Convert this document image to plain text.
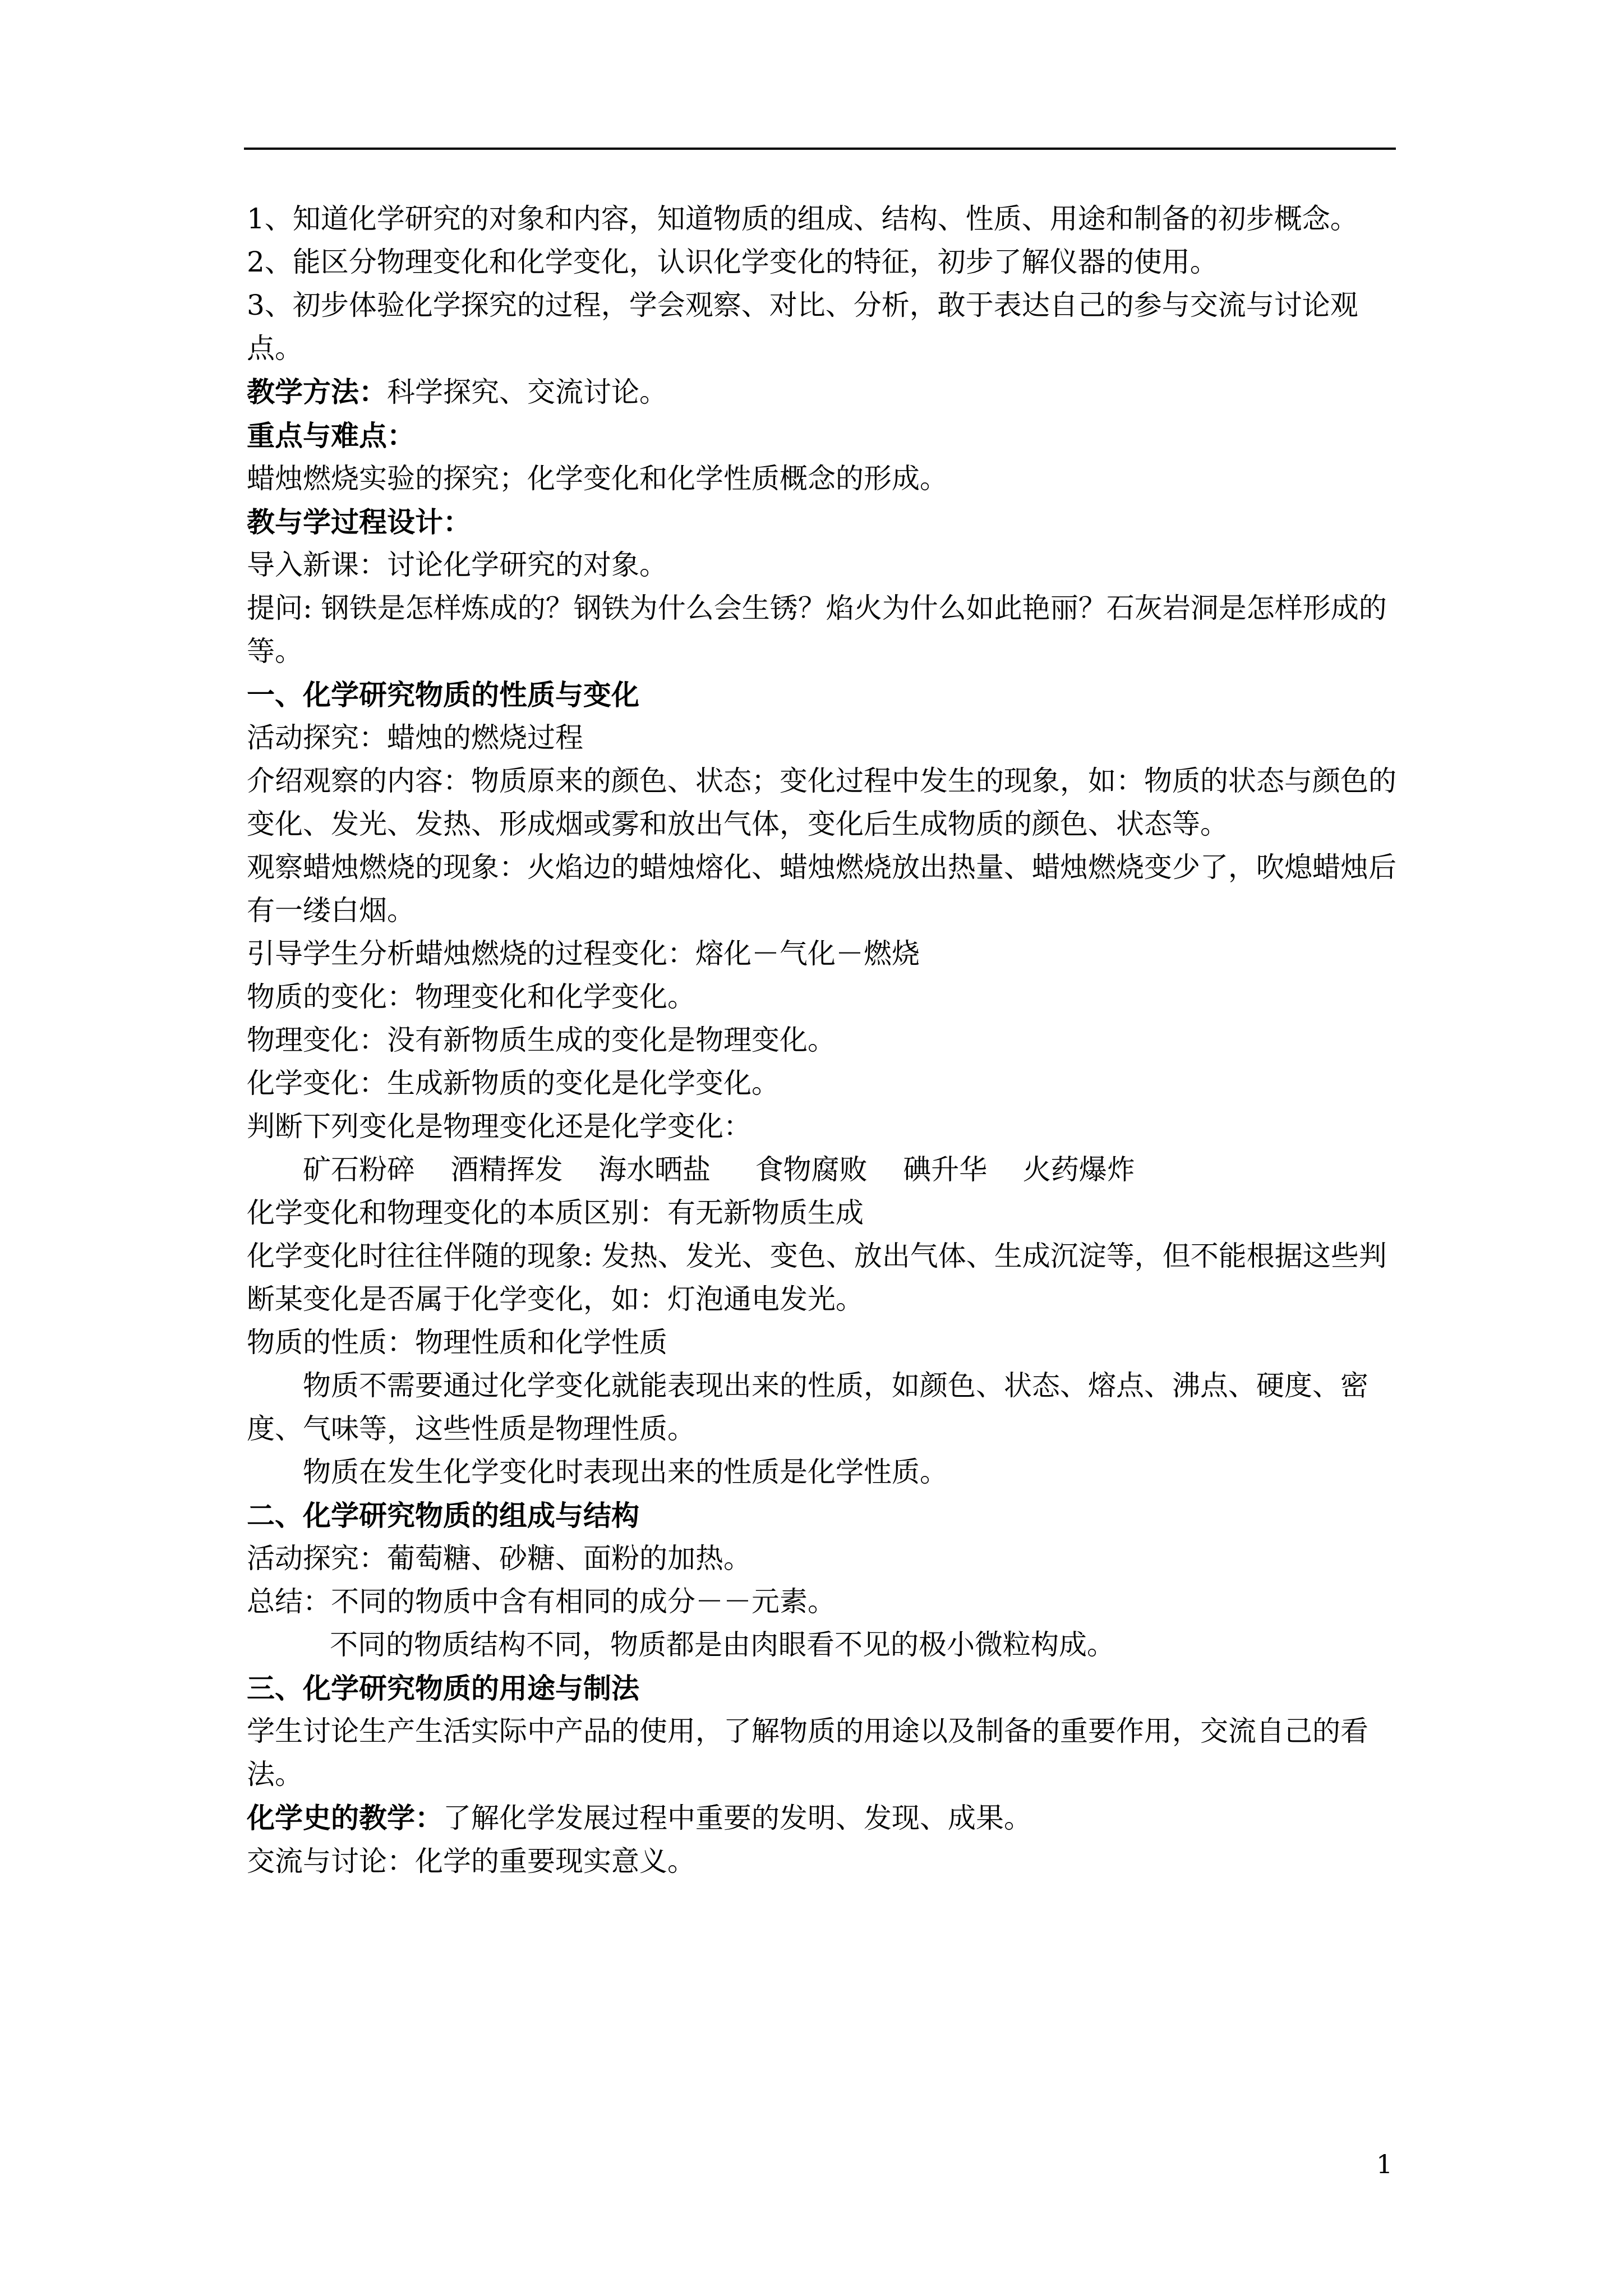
1、知道化学研究的对象和内容，知道物质的组成、结构、性质、用途和制备的初步概念。

2、能区分物理变化和化学变化，认识化学变化的特征，初步了解仪器的使用。

3、初步体验化学探究的过程，学会观察、对比、分析，敢于表达自己的参与交流与讨论观点。

教学方法：科学探究、交流讨论。

重点与难点：

蜡烛燃烧实验的探究；化学变化和化学性质概念的形成。

教与学过程设计：

导入新课：讨论化学研究的对象。

提问: 钢铁是怎样炼成的？钢铁为什么会生锈？焰火为什么如此艳丽？石灰岩洞是怎样形成的等。

一、化学研究物质的性质与变化

活动探究：蜡烛的燃烧过程

介绍观察的内容：物质原来的颜色、状态；变化过程中发生的现象，如：物质的状态与颜色的变化、发光、发热、形成烟或雾和放出气体，变化后生成物质的颜色、状态等。

观察蜡烛燃烧的现象：火焰边的蜡烛熔化、蜡烛燃烧放出热量、蜡烛燃烧变少了，吹熄蜡烛后有一缕白烟。

引导学生分析蜡烛燃烧的过程变化：熔化－气化－燃烧

物质的变化：物理变化和化学变化。

物理变化：没有新物质生成的变化是物理变化。

化学变化：生成新物质的变化是化学变化。

判断下列变化是物理变化还是化学变化：

矿石粉碎    酒精挥发    海水晒盐     食物腐败    碘升华    火药爆炸

化学变化和物理变化的本质区别：有无新物质生成

化学变化时往往伴随的现象: 发热、发光、变色、放出气体、生成沉淀等，但不能根据这些判断某变化是否属于化学变化，如：灯泡通电发光。

物质的性质：物理性质和化学性质

物质不需要通过化学变化就能表现出来的性质，如颜色、状态、熔点、沸点、硬度、密度、气味等，这些性质是物理性质。

物质在发生化学变化时表现出来的性质是化学性质。

二、化学研究物质的组成与结构

活动探究：葡萄糖、砂糖、面粉的加热。

总结：不同的物质中含有相同的成分－－元素。

不同的物质结构不同，物质都是由肉眼看不见的极小微粒构成。

三、化学研究物质的用途与制法

学生讨论生产生活实际中产品的使用，了解物质的用途以及制备的重要作用，交流自己的看法。

化学史的教学：了解化学发展过程中重要的发明、发现、成果。

交流与讨论：化学的重要现实意义。

1
